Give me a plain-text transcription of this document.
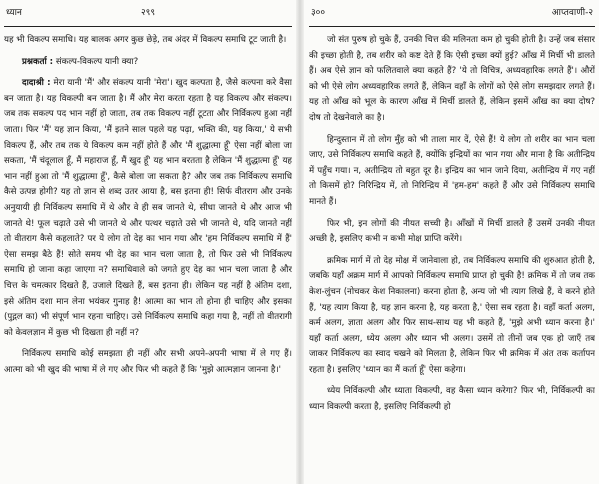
ध्यान	२९९

यह भी विकल्प समाधि। यह बालक अगर कुछ छेड़े, तब अंदर में विकल्प समाधि टूट जाती है।

प्रश्नकर्ता : संकल्प-विकल्प यानी क्या?

दादाश्री : मेरा यानी 'मैं' और संकल्प यानी 'मेरा'। खुद कल्पता है, जैसे कल्पना करे वैसा बन जाता है। यह विकल्पी बन जाता है। मैं और मेरा करता रहता है यह विकल्प और संकल्प। जब तक सकल्प पद भान नहीं हो जाता, तब तक विकल्प नहीं टूटता और निर्विकल्प हुआ नहीं जाता। फिर 'मैं' यह ज्ञान किया, 'मैं इतने साल पहले यह पढ़ा, भक्ति की, यह किया,' ये सभी विकल्प हैं, और तब तक ये विकल्प कम नहीं होते हैं और 'मैं शुद्धात्मा हूँ' ऐसा नहीं बोला जा सकता, 'मैं चंदूलाल हूँ, मैं महाराज हूँ, मैं खुद हूँ' यह भान बरतता है लेकिन 'मैं शुद्धात्मा हूँ' यह भान नहीं हुआ तो 'मैं शुद्धात्मा हूँ', कैसे बोला जा सकता है? और जब तक निर्विकल्प समाधि कैसे उत्पन्न होगी? यह तो ज्ञान से शब्द उतर आया है, बस इतना ही! सिर्फ वीतराग और उनके अनुयायी ही निर्विकल्प समाधि में थे और वे ही सब जानते थे, सीधा जानते थे और आज भी जानते थे! फूल चढ़ाते उसे भी जानते थे और पत्थर चढ़ाते उसे भी जानते थे, यदि जानते नहीं तो वीतराग कैसे कहलाते? पर ये लोग तो देह का भान गया और 'हम निर्विकल्प समाधि में हैं' ऐसा समझ बैठे हैं! सोते समय भी देह का भान चला जाता है, तो फिर उसे भी निर्विकल्प समाधि हो जाना कहा जाएगा न? समाधिवाले को जगते हुए देह का भान चला जाता है और चित्त के चमत्कार दिखते हैं, उजाले दिखते हैं, बस इतना ही। लेकिन यह नहीं है अंतिम दशा, इसे अंतिम दशा मान लेना भयंकर गुनाह है! आत्मा का भान तो होना ही चाहिए और इसका (पुद्गल का) भी संपूर्ण भान रहना चाहिए। उसे निर्विकल्प समाधि कहा गया है, नहीं तो वीतरागी को केवलज्ञान में कुछ भी दिखता ही नहीं न?

निर्विकल्प समाधि कोई समझता ही नहीं और सभी अपने-अपनी भाषा में ले गए हैं। आत्मा को भी खुद की भाषा में ले गए और फिर भी कहते हैं कि 'मुझे आत्मज्ञान जानना है।'

३००	आप्तवाणी-२

जो संत पुरुष हो चुके हैं, उनकी चित्त की मलिनता कम हो चुकी होती है। उन्हें जब संसार की इच्छा होती है, तब शरीर को कष्ट देते हैं कि ऐसी इच्छा क्यों हुई? आँख में मिर्ची भी डालते हैं। अब ऐसे ज्ञान को फलितवाले क्या कहते हैं? 'ये तो विचित्र, अध्यवहारिक लगते हैं'। औरों को भी ऐसे लोग अध्यवहारिक लगते हैं, लेकिन वहाँ के लोगों को ऐसे लोग समझदार लगते हैं। यह तो आँख को भूल के कारण आँख में मिर्ची डालते हैं, लेकिन इसमें आँख का क्या दोष? दोष तो देखनेवाले का है।

हिन्दुस्तान में तो लोग मुँह को भी ताला मार दें, ऐसे हैं! ये लोग तो शरीर का भान चला जाए, उसे निर्विकल्प समाधि कहते हैं, क्योंकि इन्द्रियों का भान गया और माना है कि अतीन्द्रिय में पहुँच गया। न, अतीन्द्रिय तो बहुत दूर है। इन्द्रिय का भान जाने दिया, अतीन्द्रिय में गए नहीं तो किसमें हो? निरिन्द्रिय में, तो निरिन्द्रिय में 'हम-हम' कहते हैं और उसे निर्विकल्प समाधि मानते हैं।

फिर भी, इन लोगों की नीयत सच्ची है। आँखों में मिर्ची डालते हैं उसमें उनकी नीयत अच्छी है, इसलिए कभी न कभी मोक्ष प्राप्ति करेंगे।

क्रमिक मार्ग में तो देह मोक्ष में जानेवाला हो, तब निर्विकल्प समाधि की शुरुआत होती है, जबकि यहाँ अक्रम मार्ग में आपको निर्विकल्प समाधि प्राप्त हो चुकी है! क्रमिक में तो जब तक केश-लुंचन (नोचकर केश निकालना) करना होता है, अन्य जो भी त्याग लिखे हैं, वे करने होते हैं, 'यह त्याग किया है, यह ज्ञान करना है, यह करता है,' ऐसा सब रहता है। वहाँ कर्ता अलग, कर्म अलग, ज्ञाता अलग और फिर साथ-साथ यह भी कहते हैं, 'मुझे अभी ध्यान करना है।' यहाँ कर्ता अलग, ध्येय अलग और ध्यान भी अलग। उसमें तो तीनों जब एक हो जाएँ तब जाकर निर्विकल्प का स्वाद चखने को मिलता है, लेकिन फिर भी क्रमिक में अंत तक कर्तापन रहता है। इसलिए 'ध्यान का मैं कर्ता हूँ' ऐसा कहेगा।

ध्येय निर्विकल्पी और ध्याता विकल्पी, वह कैसा ध्यान करेगा? फिर भी, निर्विकल्पी का ध्यान विकल्पी करता है, इसलिए निर्विकल्पी हो
